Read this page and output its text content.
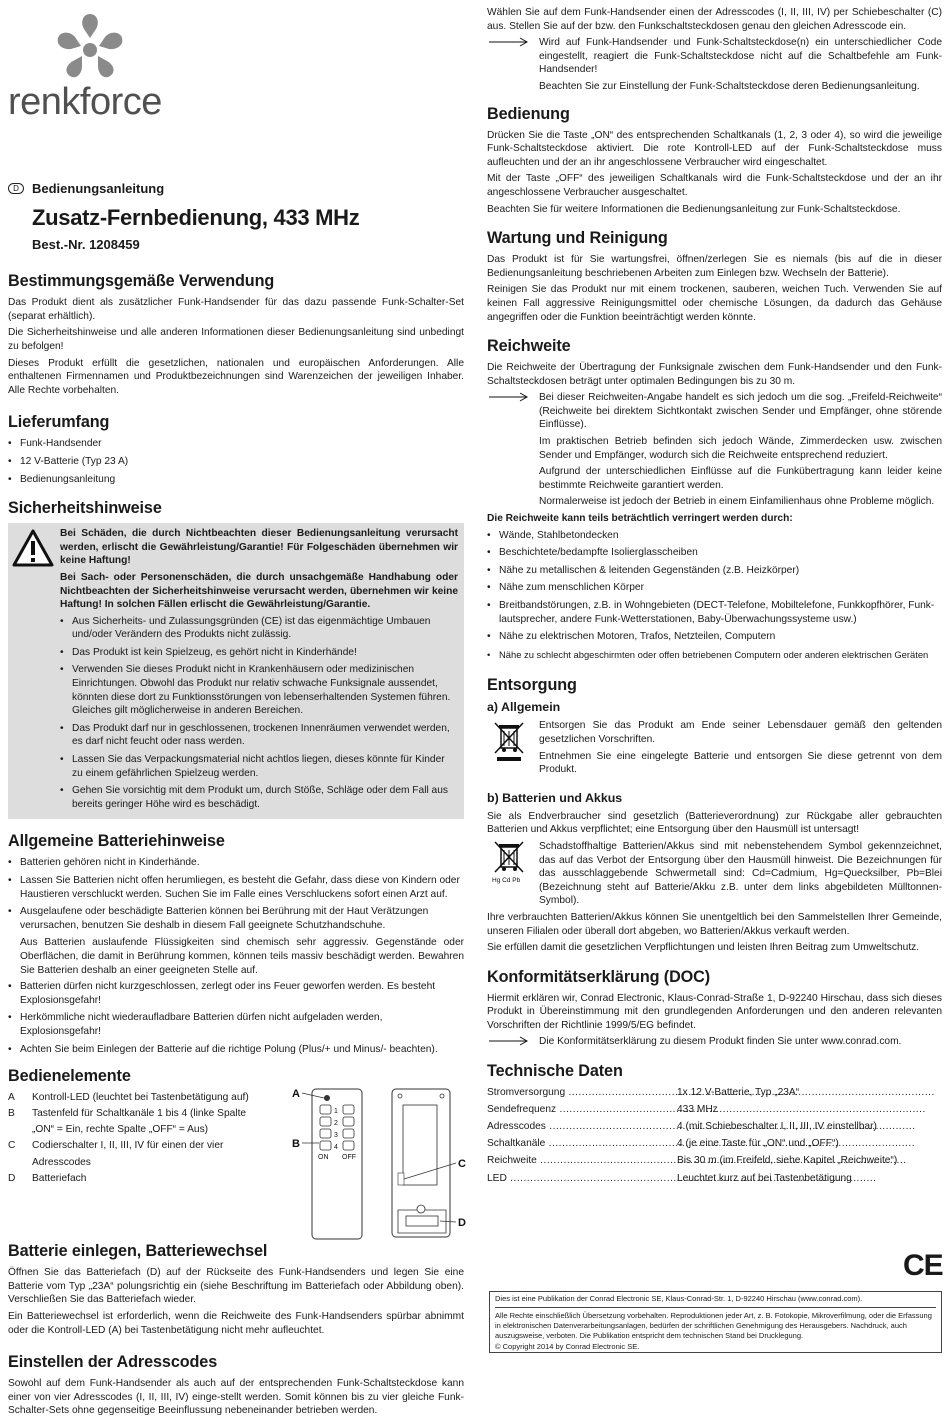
renkforce
D	Bedienungsanleitung
Zusatz-Fernbedienung, 433 MHz
Best.-Nr. 1208459
Bestimmungsgemäße Verwendung

Das Produkt dient als zusätzlicher Funk-Handsender für das dazu passende Funk-Schalter-Set (separat erhältlich).

Die Sicherheitshinweise und alle anderen Informationen dieser Bedienungsanleitung sind unbedingt zu befolgen!

Dieses Produkt erfüllt die gesetzlichen, nationalen und europäischen Anforderungen. Alle enthaltenen Firmennamen und Produktbezeichnungen sind Warenzeichen der jeweiligen Inhaber. Alle Rechte vorbehalten.

Lieferumfang
• Funk-Handsender
• 12 V-Batterie (Typ 23 A)
• Bedienungsanleitung
Sicherheitshinweise

Bei Schäden, die durch Nichtbeachten dieser Bedienungsanleitung verursacht werden, erlischt die Gewährleistung/Garantie! Für Folgeschäden übernehmen wir keine Haftung!

Bei Sach- oder Personenschäden, die durch unsachgemäße Handhabung oder Nichtbeachten der Sicherheitshinweise verursacht werden, übernehmen wir keine Haftung! In solchen Fällen erlischt die Gewährleistung/Garantie.

• Aus Sicherheits- und Zulassungsgründen (CE) ist das eigenmächtige Umbauen und/oder Verändern des Produkts nicht zulässig.
• Das Produkt ist kein Spielzeug, es gehört nicht in Kinderhände!
• Verwenden Sie dieses Produkt nicht in Krankenhäusern oder medizinischen Einrichtungen. Obwohl das Produkt nur relativ schwache Funksignale aussendet, könnten diese dort zu Funktionsstörungen von lebenserhaltenden Systemen führen. Gleiches gilt möglicherweise in anderen Bereichen.
• Das Produkt darf nur in geschlossenen, trockenen Innenräumen verwendet werden, es darf nicht feucht oder nass werden.
• Lassen Sie das Verpackungsmaterial nicht achtlos liegen, dieses könnte für Kinder zu einem gefährlichen Spielzeug werden.
• Gehen Sie vorsichtig mit dem Produkt um, durch Stöße, Schläge oder dem Fall aus bereits geringer Höhe wird es beschädigt.
Allgemeine Batteriehinweise
• Batterien gehören nicht in Kinderhände.
• Lassen Sie Batterien nicht offen herumliegen, es besteht die Gefahr, dass diese von Kindern oder Haustieren verschluckt werden. Suchen Sie im Falle eines Verschluckens sofort einen Arzt auf.
• Ausgelaufene oder beschädigte Batterien können bei Berührung mit der Haut Verätzungen verursachen, benutzen Sie deshalb in diesem Fall geeignete Schutzhandschuhe.

Aus Batterien auslaufende Flüssigkeiten sind chemisch sehr aggressiv. Gegenstände oder Oberflächen, die damit in Berührung kommen, können teils massiv beschädigt werden. Bewahren Sie Batterien deshalb an einer geeigneten Stelle auf.

• Batterien dürfen nicht kurzgeschlossen, zerlegt oder ins Feuer geworfen werden. Es besteht Explosionsgefahr!
• Herkömmliche nicht wiederaufladbare Batterien dürfen nicht aufgeladen werden, Explosionsgefahr!
• Achten Sie beim Einlegen der Batterie auf die richtige Polung (Plus/+ und Minus/- beachten).
Bedienelemente
A	Kontroll-LED (leuchtet bei Tastenbetätigung auf)
B	Tastenfeld für Schaltkanäle 1 bis 4 (linke Spalte
„ON“ = Ein, rechte Spalte „OFF“ = Aus)
C	Codierschalter I, II, III, IV für einen der vier
Adresscodes
D	Batteriefach
1
2
3
4
ON OFF
A
B
C
D
Batterie einlegen, Batteriewechsel

Öffnen Sie das Batteriefach (D) auf der Rückseite des Funk-Handsenders und legen Sie eine Batterie vom Typ „23A“ polungsrichtig ein (siehe Beschriftung im Batteriefach oder Abbildung oben). Verschließen Sie das Batteriefach wieder.

Ein Batteriewechsel ist erforderlich, wenn die Reichweite des Funk-Handsenders spürbar abnimmt oder die Kontroll-LED (A) bei Tastenbetätigung nicht mehr aufleuchtet.

Einstellen der Adresscodes

Sowohl auf dem Funk-Handsender als auch auf der entsprechenden Funk-Schaltsteckdose kann einer von vier Adresscodes (I, II, III, IV) einge-stellt werden. Somit können bis zu vier gleiche Funk-Schalter-Sets ohne gegenseitige Beeinflussung nebeneinander betrieben werden.

Wählen Sie auf dem Funk-Handsender einen der Adresscodes (I, II, III, IV) per Schiebeschalter (C) aus. Stellen Sie auf der bzw. den Funkschaltsteckdosen genau den gleichen Adresscode ein.

Wird auf Funk-Handsender und Funk-Schaltsteckdose(n) ein unterschiedlicher Code eingestellt, reagiert die Funk-Schaltsteckdose nicht auf die Schaltbefehle am Funk-Handsender!

Beachten Sie zur Einstellung der Funk-Schaltsteckdose deren Bedienungsanleitung.

Bedienung

Drücken Sie die Taste „ON“ des entsprechenden Schaltkanals (1, 2, 3 oder 4), so wird die jeweilige Funk-Schaltsteckdose aktiviert. Die rote Kontroll-LED auf der Funk-Schaltsteckdose muss aufleuchten und der an ihr angeschlossene Verbraucher wird eingeschaltet.

Mit der Taste „OFF“ des jeweiligen Schaltkanals wird die Funk-Schaltsteckdose und der an ihr angeschlossene Verbraucher ausgeschaltet.

Beachten Sie für weitere Informationen die Bedienungsanleitung zur Funk-Schaltsteckdose.

Wartung und Reinigung

Das Produkt ist für Sie wartungsfrei, öffnen/zerlegen Sie es niemals (bis auf die in dieser Bedienungsanleitung beschriebenen Arbeiten zum Einlegen bzw. Wechseln der Batterie).

Reinigen Sie das Produkt nur mit einem trockenen, sauberen, weichen Tuch. Verwenden Sie auf keinen Fall aggressive Reinigungsmittel oder chemische Lösungen, da dadurch das Gehäuse angegriffen oder die Funktion beeinträchtigt werden könnte.

Reichweite

Die Reichweite der Übertragung der Funksignale zwischen dem Funk-Handsender und den Funk-Schaltsteckdosen beträgt unter optimalen Bedingungen bis zu 30 m.

Bei dieser Reichweiten-Angabe handelt es sich jedoch um die sog. „Freifeld-Reichweite“ (Reichweite bei direktem Sichtkontakt zwischen Sender und Empfänger, ohne störende Einflüsse).

Im praktischen Betrieb befinden sich jedoch Wände, Zimmerdecken usw. zwischen Sender und Empfänger, wodurch sich die Reichweite entsprechend reduziert.

Aufgrund der unterschiedlichen Einflüsse auf die Funkübertragung kann leider keine bestimmte Reichweite garantiert werden.

Normalerweise ist jedoch der Betrieb in einem Einfamilienhaus ohne Probleme möglich.

Die Reichweite kann teils beträchtlich verringert werden durch:

• Wände, Stahlbetondecken
• Beschichtete/bedampfte Isolierglasscheiben
• Nähe zu metallischen & leitenden Gegenständen (z.B. Heizkörper)
• Nähe zum menschlichen Körper
• Breitbandstörungen, z.B. in Wohngebieten (DECT-Telefone, Mobiltelefone, Funkkopfhörer, Funk-lautsprecher, andere Funk-Wetterstationen, Baby-Überwachungssysteme usw.)
• Nähe zu elektrischen Motoren, Trafos, Netzteilen, Computern
• Nähe zu schlecht abgeschirmten oder offen betriebenen Computern oder anderen elektrischen Geräten
Entsorgung
a) Allgemein

Entsorgen Sie das Produkt am Ende seiner Lebensdauer gemäß den geltenden gesetzlichen Vorschriften.

Entnehmen Sie eine eingelegte Batterie und entsorgen Sie diese getrennt von dem Produkt.

b) Batterien und Akkus

Sie als Endverbraucher sind gesetzlich (Batterieverordnung) zur Rückgabe aller gebrauchten Batterien und Akkus verpflichtet; eine Entsorgung über den Hausmüll ist untersagt!

Hg Cd Pb

Schadstoffhaltige Batterien/Akkus sind mit nebenstehendem Symbol gekennzeichnet, das auf das Verbot der Entsorgung über den Hausmüll hinweist. Die Bezeichnungen für das ausschlaggebende Schwermetall sind: Cd=Cadmium, Hg=Quecksilber, Pb=Blei (Bezeichnung steht auf Batterie/Akku z.B. unter dem links abgebildeten Mülltonnen-Symbol).

Ihre verbrauchten Batterien/Akkus können Sie unentgeltlich bei den Sammelstellen Ihrer Gemeinde, unseren Filialen oder überall dort abgeben, wo Batterien/Akkus verkauft werden.

Sie erfüllen damit die gesetzlichen Verpflichtungen und leisten Ihren Beitrag zum Umweltschutz.

Konformitätserklärung (DOC)

Hiermit erklären wir, Conrad Electronic, Klaus-Conrad-Straße 1, D-92240 Hirschau, dass sich dieses Produkt in Übereinstimmung mit den grundlegenden Anforderungen und den anderen relevanten Vorschriften der Richtlinie 1999/5/EG befindet.

Die Konformitätserklärung zu diesem Produkt finden Sie unter www.conrad.com.

Technische Daten
Stromversorgung .....	1x 12 V-Batterie, Typ „23A“
Sendefrequenz .....	433 MHz
Adresscodes .....	4 (mit Schiebeschalter I, II, III, IV einstellbar)
Schaltkanäle .....	4 (je eine Taste für „ON“ und „OFF“)
Reichweite .....	Bis 30 m (im Freifeld, siehe Kapitel „Reichweite“)
LED .....	Leuchtet kurz auf bei Tastenbetätigung
CE

Dies ist eine Publikation der Conrad Electronic SE, Klaus-Conrad-Str. 1, D-92240 Hirschau (www.conrad.com).

Alle Rechte einschließlich Übersetzung vorbehalten. Reproduktionen jeder Art, z. B. Fotokopie, Mikroverfilmung, oder die Erfassung in elektronischen Datenverarbeitungsanlagen, bedürfen der schriftlichen Genehmigung des Herausgebers. Nachdruck, auch auszugsweise, verboten. Die Publikation entspricht dem technischen Stand bei Drucklegung.

© Copyright 2014 by Conrad Electronic SE.
